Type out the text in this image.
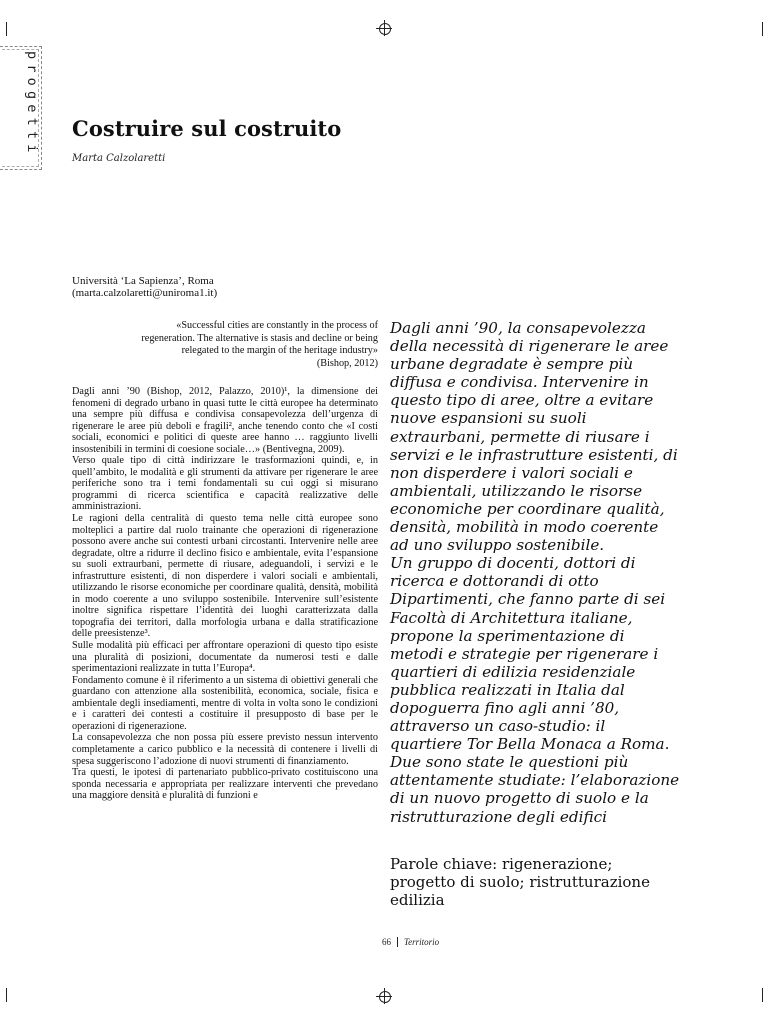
progetti Costruire sul costruito
Marta Calzolaretti
Università ‘La Sapienza’, Roma
(marta.calzolaretti@uniroma1.it)
«Successful cities are constantly in the process of
regeneration. The alternative is stasis and decline or being
relegated to the margin of the heritage industry»
(Bishop, 2012)

Dagli anni ’90 (Bishop, 2012, Palazzo, 2010)¹, la dimensione dei fenomeni di degrado urbano in quasi tutte le città europee ha determinato una sempre più diffusa e condivisa consapevolezza dell’urgenza di rigenerare le aree più deboli e fragili², anche tenendo conto che «I costi sociali, economici e politici di queste aree hanno … raggiunto livelli insostenibili in termini di coesione sociale…» (Bentivegna, 2009).

Verso quale tipo di città indirizzare le trasformazioni quindi, e, in quell’ambito, le modalità e gli strumenti da attivare per rigenerare le aree periferiche sono tra i temi fondamentali su cui oggi si misurano programmi di ricerca scientifica e capacità realizzative delle amministrazioni.

Le ragioni della centralità di questo tema nelle città europee sono molteplici a partire dal ruolo trainante che operazioni di rigenerazione possono avere anche sui contesti urbani circostanti. Intervenire nelle aree degradate, oltre a ridurre il declino fisico e ambientale, evita l’espansione su suoli extraurbani, permette di riusare, adeguandoli, i servizi e le infrastrutture esistenti, di non disperdere i valori sociali e ambientali, utilizzando le risorse economiche per coordinare qualità, densità, mobilità in modo coerente a uno sviluppo sostenibile. Intervenire sull’esistente inoltre significa rispettare l’identità dei luoghi caratterizzata dalla topografia dei territori, dalla morfologia urbana e dalla stratificazione delle preesistenze³.

Sulle modalità più efficaci per affrontare operazioni di questo tipo esiste una pluralità di posizioni, documentate da numerosi testi e dalle sperimentazioni realizzate in tutta l’Europa⁴.

Fondamento comune è il riferimento a un sistema di obiettivi generali che guardano con attenzione alla sostenibilità, economica, sociale, fisica e ambientale degli insediamenti, mentre di volta in volta sono le condizioni e i caratteri dei contesti a costituire il presupposto di base per le operazioni di rigenerazione.

La consapevolezza che non possa più essere previsto nessun intervento completamente a carico pubblico e la necessità di contenere i livelli di spesa suggeriscono l’adozione di nuovi strumenti di finanziamento.

Tra questi, le ipotesi di partenariato pubblico-privato costituiscono una sponda necessaria e appropriata per realizzare interventi che prevedano una maggiore densità e pluralità di funzioni e

Dagli anni ’90, la consapevolezza della necessità di rigenerare le aree urbane degradate è sempre più diffusa e condivisa. Intervenire in questo tipo di aree, oltre a evitare nuove espansioni su suoli extraurbani, permette di riusare i servizi e le infrastrutture esistenti, di non disperdere i valori sociali e ambientali, utilizzando le risorse economiche per coordinare qualità, densità, mobilità in modo coerente ad uno sviluppo sostenibile.

Un gruppo di docenti, dottori di ricerca e dottorandi di otto Dipartimenti, che fanno parte di sei Facoltà di Architettura italiane, propone la sperimentazione di metodi e strategie per rigenerare i quartieri di edilizia residenziale pubblica realizzati in Italia dal dopoguerra fino agli anni ’80, attraverso un caso-studio: il quartiere Tor Bella Monaca a Roma.

Due sono state le questioni più attentamente studiate: l’elaborazione di un nuovo progetto di suolo e la ristrutturazione degli edifici

Parole chiave: rigenerazione; progetto di suolo; ristrutturazione edilizia
66 Territorio
